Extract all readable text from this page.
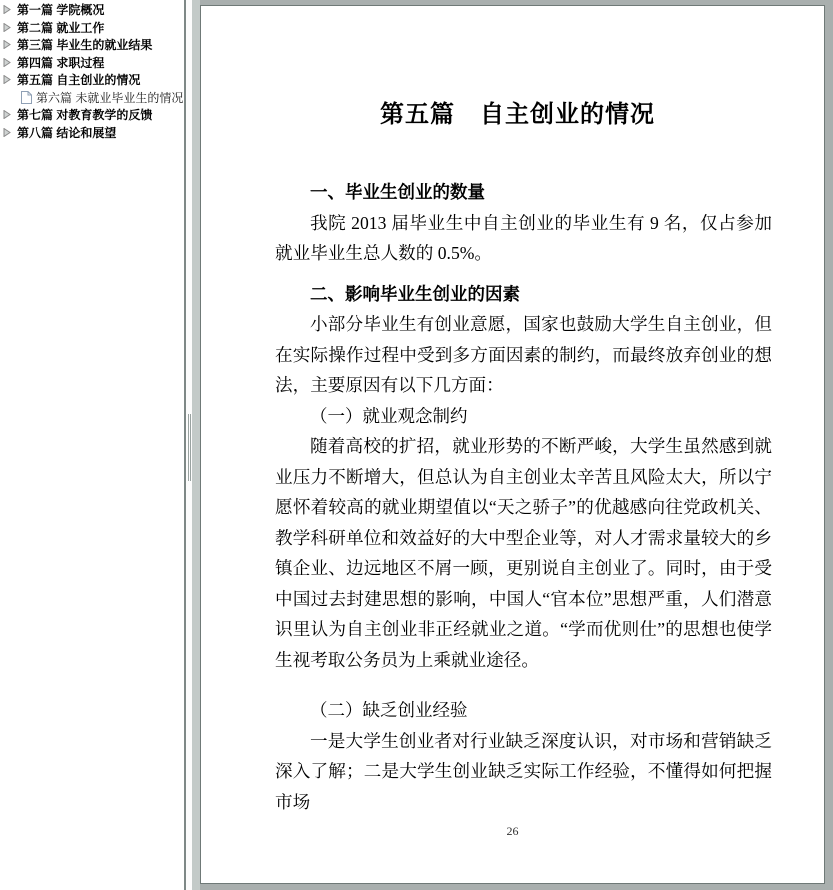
第一篇 学院概况
第二篇 就业工作
第三篇 毕业生的就业结果
第四篇 求职过程
第五篇 自主创业的情况
第六篇 未就业毕业生的情况
第七篇 对教育教学的反馈
第八篇 结论和展望
第五篇　自主创业的情况
一、毕业生创业的数量

我院 2013 届毕业生中自主创业的毕业生有 9 名，仅占参加就业毕业生总人数的 0.5%。

二、影响毕业生创业的因素

小部分毕业生有创业意愿，国家也鼓励大学生自主创业，但在实际操作过程中受到多方面因素的制约，而最终放弃创业的想法，主要原因有以下几方面：

（一）就业观念制约

随着高校的扩招，就业形势的不断严峻，大学生虽然感到就业压力不断增大，但总认为自主创业太辛苦且风险太大，所以宁愿怀着较高的就业期望值以“天之骄子”的优越感向往党政机关、教学科研单位和效益好的大中型企业等，对人才需求量较大的乡镇企业、边远地区不屑一顾，更别说自主创业了。同时，由于受中国过去封建思想的影响，中国人“官本位”思想严重，人们潜意识里认为自主创业非正经就业之道。“学而优则仕”的思想也使学生视考取公务员为上乘就业途径。

（二）缺乏创业经验

一是大学生创业者对行业缺乏深度认识，对市场和营销缺乏深入了解；二是大学生创业缺乏实际工作经验，不懂得如何把握市场

26
